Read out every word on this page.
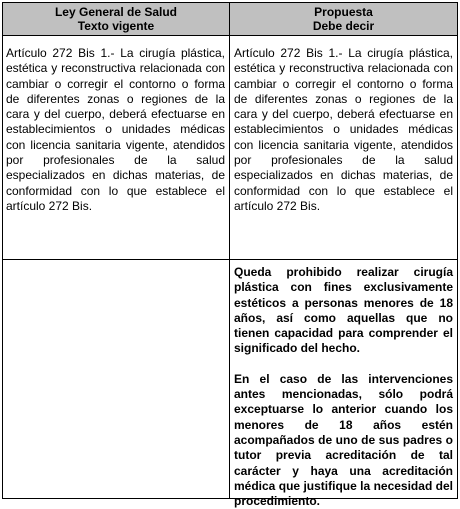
Ley General de Salud
Texto vigente
Propuesta
Debe decir

Artículo 272 Bis 1.- La cirugía plástica, estética y reconstructiva relacionada con cambiar o corregir el contorno o forma de diferentes zonas o regiones de la cara y del cuerpo, deberá efectuarse en establecimientos o unidades médicas con licencia sanitaria vigente, atendidos por profesionales de la salud especializados en dichas materias, de conformidad con lo que establece el artículo 272 Bis.

Artículo 272 Bis 1.- La cirugía plástica, estética y reconstructiva relacionada con cambiar o corregir el contorno o forma de diferentes zonas o regiones de la cara y del cuerpo, deberá efectuarse en establecimientos o unidades médicas con licencia sanitaria vigente, atendidos por profesionales de la salud especializados en dichas materias, de conformidad con lo que establece el artículo 272 Bis.

Queda prohibido realizar cirugía plástica con fines exclusivamente estéticos a personas menores de 18 años, así como aquellas que no tienen capacidad para comprender el significado del hecho.

En el caso de las intervenciones antes mencionadas, sólo podrá exceptuarse lo anterior cuando los menores de 18 años estén acompañados de uno de sus padres o tutor previa acreditación de tal carácter y haya una acreditación médica que justifique la necesidad del procedimiento.
